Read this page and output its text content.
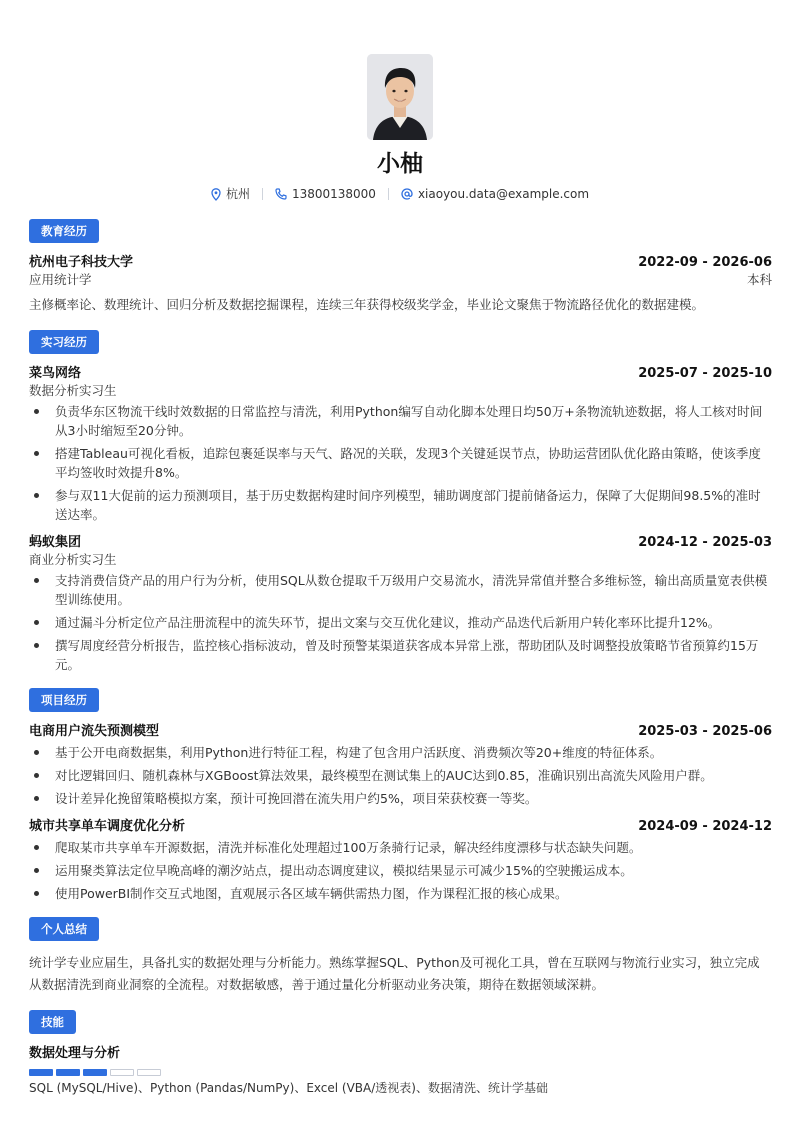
小柚
杭州	13800138000	xiaoyou.data@example.com
教育经历
杭州电子科技大学	2022-09 - 2026-06
应用统计学	本科
主修概率论、数理统计、回归分析及数据挖掘课程，连续三年获得校级奖学金，毕业论文聚焦于物流路径优化的数据建模。
实习经历
菜鸟网络	2025-07 - 2025-10
数据分析实习生
负责华东区物流干线时效数据的日常监控与清洗，利用Python编写自动化脚本处理日均50万+条物流轨迹数据，将人工核对时间从3小时缩短至20分钟。
搭建Tableau可视化看板，追踪包裹延误率与天气、路况的关联，发现3个关键延误节点，协助运营团队优化路由策略，使该季度平均签收时效提升8%。
参与双11大促前的运力预测项目，基于历史数据构建时间序列模型，辅助调度部门提前储备运力，保障了大促期间98.5%的准时送达率。
蚂蚁集团	2024-12 - 2025-03
商业分析实习生
支持消费信贷产品的用户行为分析，使用SQL从数仓提取千万级用户交易流水，清洗异常值并整合多维标签，输出高质量宽表供模型训练使用。
通过漏斗分析定位产品注册流程中的流失环节，提出文案与交互优化建议，推动产品迭代后新用户转化率环比提升12%。
撰写周度经营分析报告，监控核心指标波动，曾及时预警某渠道获客成本异常上涨，帮助团队及时调整投放策略节省预算约15万元。
项目经历
电商用户流失预测模型	2025-03 - 2025-06
基于公开电商数据集，利用Python进行特征工程，构建了包含用户活跃度、消费频次等20+维度的特征体系。
对比逻辑回归、随机森林与XGBoost算法效果，最终模型在测试集上的AUC达到0.85，准确识别出高流失风险用户群。
设计差异化挽留策略模拟方案，预计可挽回潜在流失用户约5%，项目荣获校赛一等奖。
城市共享单车调度优化分析	2024-09 - 2024-12
爬取某市共享单车开源数据，清洗并标准化处理超过100万条骑行记录，解决经纬度漂移与状态缺失问题。
运用聚类算法定位早晚高峰的潮汐站点，提出动态调度建议，模拟结果显示可减少15%的空驶搬运成本。
使用PowerBI制作交互式地图，直观展示各区域车辆供需热力图，作为课程汇报的核心成果。
个人总结
统计学专业应届生，具备扎实的数据处理与分析能力。熟练掌握SQL、Python及可视化工具，曾在互联网与物流行业实习，独立完成从数据清洗到商业洞察的全流程。对数据敏感，善于通过量化分析驱动业务决策，期待在数据领域深耕。
技能
数据处理与分析
SQL (MySQL/Hive)、Python (Pandas/NumPy)、Excel (VBA/透视表)、数据清洗、统计学基础
